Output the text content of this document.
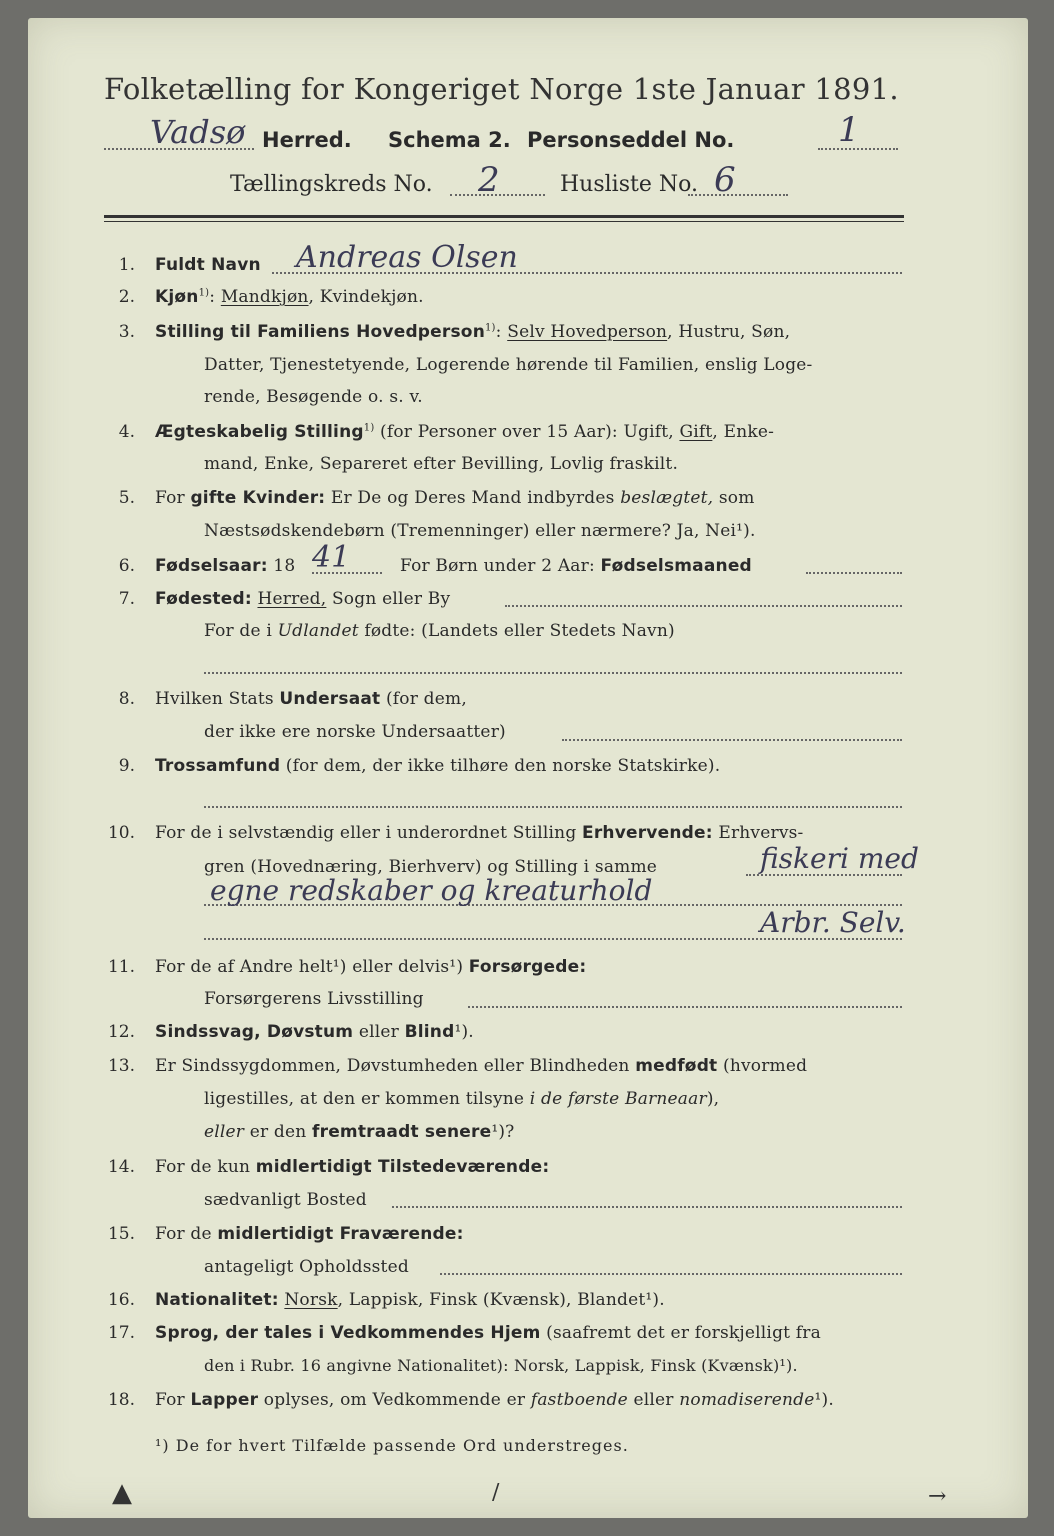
Folketælling for Kongeriget Norge 1ste Januar 1891.
Vadsø Herred. Schema 2. Personseddel No.	1
Tællingskreds No. 2	Husliste No. 6
1. Fuldt Navn Andreas Olsen
2. Kjøn$^{1)}$: Mandkjøn, Kvindekjøn.
3. Stilling til Familiens Hovedperson$^{1)}$: Selv Hovedperson, Hustru, Søn,
Datter, Tjenestetyende, Logerende hørende til Familien, enslig Loge-
rende, Besøgende o. s. v.
4. Ægteskabelig Stilling$^{1)}$ (for Personer over 15 Aar): Ugift, Gift, Enke-
mand, Enke, Separeret efter Bevilling, Lovlig fraskilt.
5. For gifte Kvinder: Er De og Deres Mand indbyrdes beslægtet, som
Næstsødskendebørn (Tremenninger) eller nærmere? Ja, Nei¹).
6. Fødselsaar: 18 41	For Børn under 2 Aar: Fødselsmaaned
7. Fødested: Herred, Sogn eller By
For de i Udlandet fødte: (Landets eller Stedets Navn)
8. Hvilken Stats Undersaat (for dem,
der ikke ere norske Undersaatter)
9. Trossamfund (for dem, der ikke tilhøre den norske Statskirke).
10. For de i selvstændig eller i underordnet Stilling Erhvervende: Erhvervs-
gren (Hovednæring, Bierhverv) og Stilling i samme	fiskeri med
egne redskaber og kreaturhold
Arbr. Selv.
11. For de af Andre helt¹) eller delvis¹) Forsørgede:
Forsørgerens Livsstilling
12. Sindssvag, Døvstum eller Blind¹).
13. Er Sindssygdommen, Døvstumheden eller Blindheden medfødt (hvormed
ligestilles, at den er kommen tilsyne i de første Barneaar),
eller er den fremtraadt senere¹)?
14. For de kun midlertidigt Tilstedeværende:
sædvanligt Bosted
15. For de midlertidigt Fraværende:
antageligt Opholdssted
16. Nationalitet: Norsk, Lappisk, Finsk (Kvænsk), Blandet¹).
17. Sprog, der tales i Vedkommendes Hjem (saafremt det er forskjelligt fra
den i Rubr. 16 angivne Nationalitet): Norsk, Lappisk, Finsk (Kvænsk)¹).
18. For Lapper oplyses, om Vedkommende er fastboende eller nomadiserende¹).
¹) De for hvert Tilfælde passende Ord understreges.
▲	∕	→
